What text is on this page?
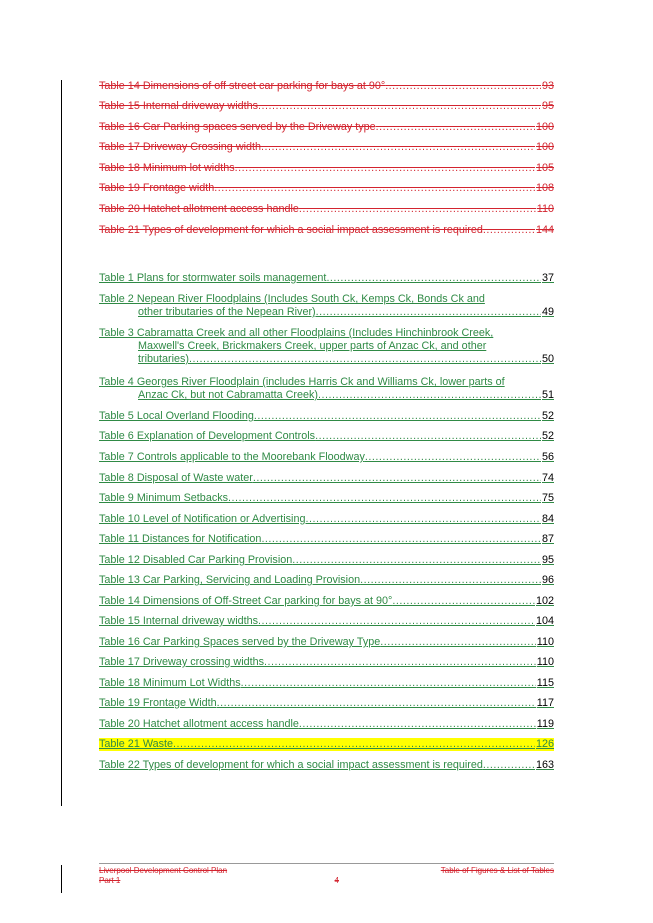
Table 14 Dimensions of off street car parking for bays at 90° .....	93
Table 15 Internal driveway widths .....	95
Table 16 Car Parking spaces served by the Driveway type .....	100
Table 17 Driveway Crossing width .....	100
Table 18 Minimum lot widths .....	105
Table 19 Frontage width .....	108
Table 20 Hatchet allotment access handle .....	110
Table 21 Types of development for which a social impact assessment is required .....	144
Table 1 Plans for stormwater soils management .....	37
Table 2 Nepean River Floodplains (Includes South Ck, Kemps Ck, Bonds Ck and
other tributaries of the Nepean River) .....	49
Table 3 Cabramatta Creek and all other Floodplains (Includes Hinchinbrook Creek,
Maxwell's Creek, Brickmakers Creek, upper parts of Anzac Ck, and other
tributaries) .....	50
Table 4 Georges River Floodplain (includes Harris Ck and Williams Ck, lower parts of
Anzac Ck, but not Cabramatta Creek) .....	51
Table 5 Local Overland Flooding .....	52
Table 6 Explanation of Development Controls .....	52
Table 7 Controls applicable to the Moorebank Floodway .....	56
Table 8 Disposal of Waste water .....	74
Table 9 Minimum Setbacks .....	75
Table 10 Level of Notification or Advertising .....	84
Table 11 Distances for Notification .....	87
Table 12 Disabled Car Parking Provision .....	95
Table 13 Car Parking, Servicing and Loading Provision .....	96
Table 14 Dimensions of Off-Street Car parking for bays at 90° .....	102
Table 15 Internal driveway widths .....	104
Table 16 Car Parking Spaces served by the Driveway Type .....	110
Table 17 Driveway crossing widths .....	110
Table 18 Minimum Lot Widths .....	115
Table 19 Frontage Width .....	117
Table 20 Hatchet allotment access handle .....	119
Table 21 Waste .....	126
Table 22 Types of development for which a social impact assessment is required .....	163
Liverpool Development Control Plan	Table of Figures & List of Tables
Part 1	4
